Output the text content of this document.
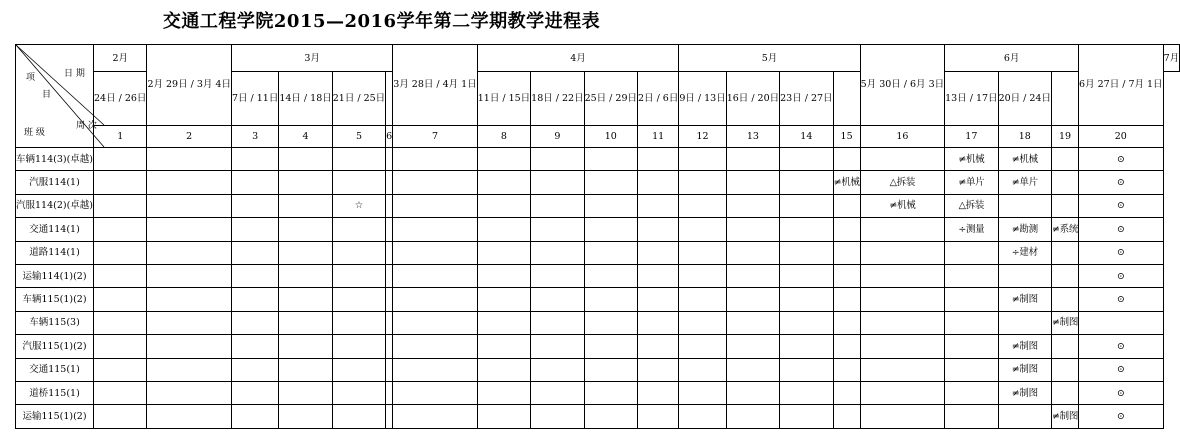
交通工程学院2015—2016学年第二学期教学进程表
项 日 期
目
周 次
班 级	2月	2月 29日 / 3月 4日	3月				3月 28日 / 4月 1日	4月				5月				5月 30日 / 6月 3日	6月			6月 27日 / 7月 1日	7月
	24日 / 26日		7日 / 11日	14日 / 18日	21日 / 25日			11日 / 15日	18日 / 22日	25日 / 29日	2日 / 6日	9日 / 13日	16日 / 20日	23日 / 27日			13日 / 17日	20日 / 24日			
	1	2	3	4	5	6	7	8	9	10	11	12	13	14	15	16	17	18	19	20	
车辆114(3)(卓越)																	≠机械	≠机械		⊙	
汽服114(1)															≠机械	△拆装	≠单片	≠单片		⊙	
汽服114(2)(卓越)					☆											≠机械	△拆装			⊙	
交通114(1)																	÷测量	≠勘测	≠系统	⊙	
道路114(1)																		÷建材		⊙	
运输114(1)(2)																				⊙	
车辆115(1)(2)																		≠制图		⊙	
车辆115(3)																			≠制图		
汽服115(1)(2)																		≠制图		⊙	
交通115(1)																		≠制图		⊙	
道桥115(1)																		≠制图		⊙	
运输115(1)(2)																			≠制图	⊙	
